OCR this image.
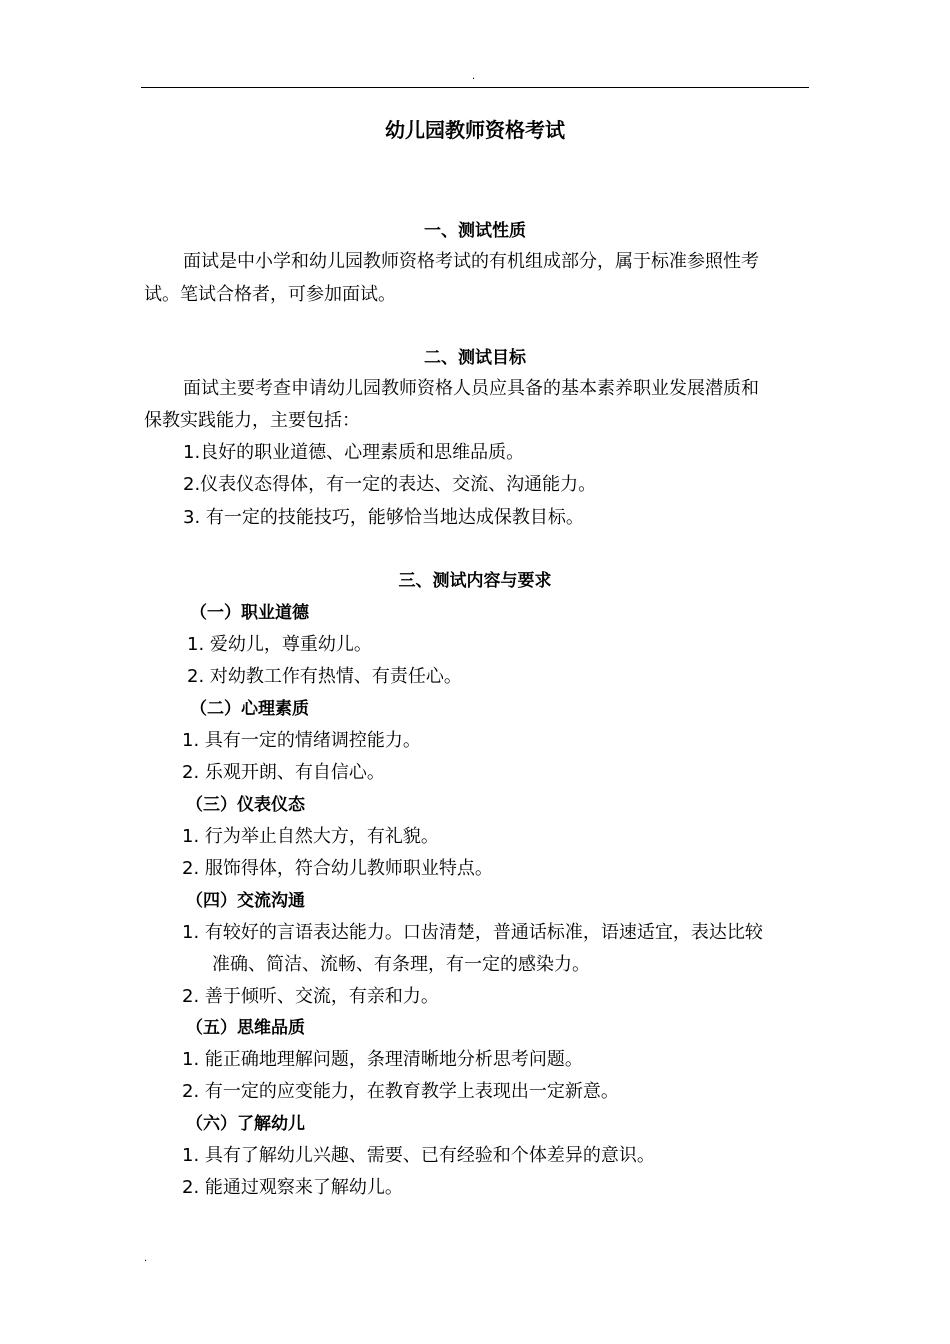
.
幼儿园教师资格考试
一、测试性质
面试是中小学和幼儿园教师资格考试的有机组成部分，属于标准参照性考
试。笔试合格者，可参加面试。
二、测试目标
面试主要考查申请幼儿园教师资格人员应具备的基本素养职业发展潜质和
保教实践能力，主要包括：
1.良好的职业道德、心理素质和思维品质。
2.仪表仪态得体，有一定的表达、交流、沟通能力。
3. 有一定的技能技巧，能够恰当地达成保教目标。
三、测试内容与要求
（一）职业道德
1. 爱幼儿，尊重幼儿。
2. 对幼教工作有热情、有责任心。
（二）心理素质
1. 具有一定的情绪调控能力。
2. 乐观开朗、有自信心。
（三）仪表仪态
1. 行为举止自然大方，有礼貌。
2. 服饰得体，符合幼儿教师职业特点。
（四）交流沟通
1. 有较好的言语表达能力。口齿清楚，普通话标准，语速适宜，表达比较
准确、简洁、流畅、有条理，有一定的感染力。
2. 善于倾听、交流，有亲和力。
（五）思维品质
1. 能正确地理解问题，条理清晰地分析思考问题。
2. 有一定的应变能力，在教育教学上表现出一定新意。
（六）了解幼儿
1. 具有了解幼儿兴趣、需要、已有经验和个体差异的意识。
2. 能通过观察来了解幼儿。
.
